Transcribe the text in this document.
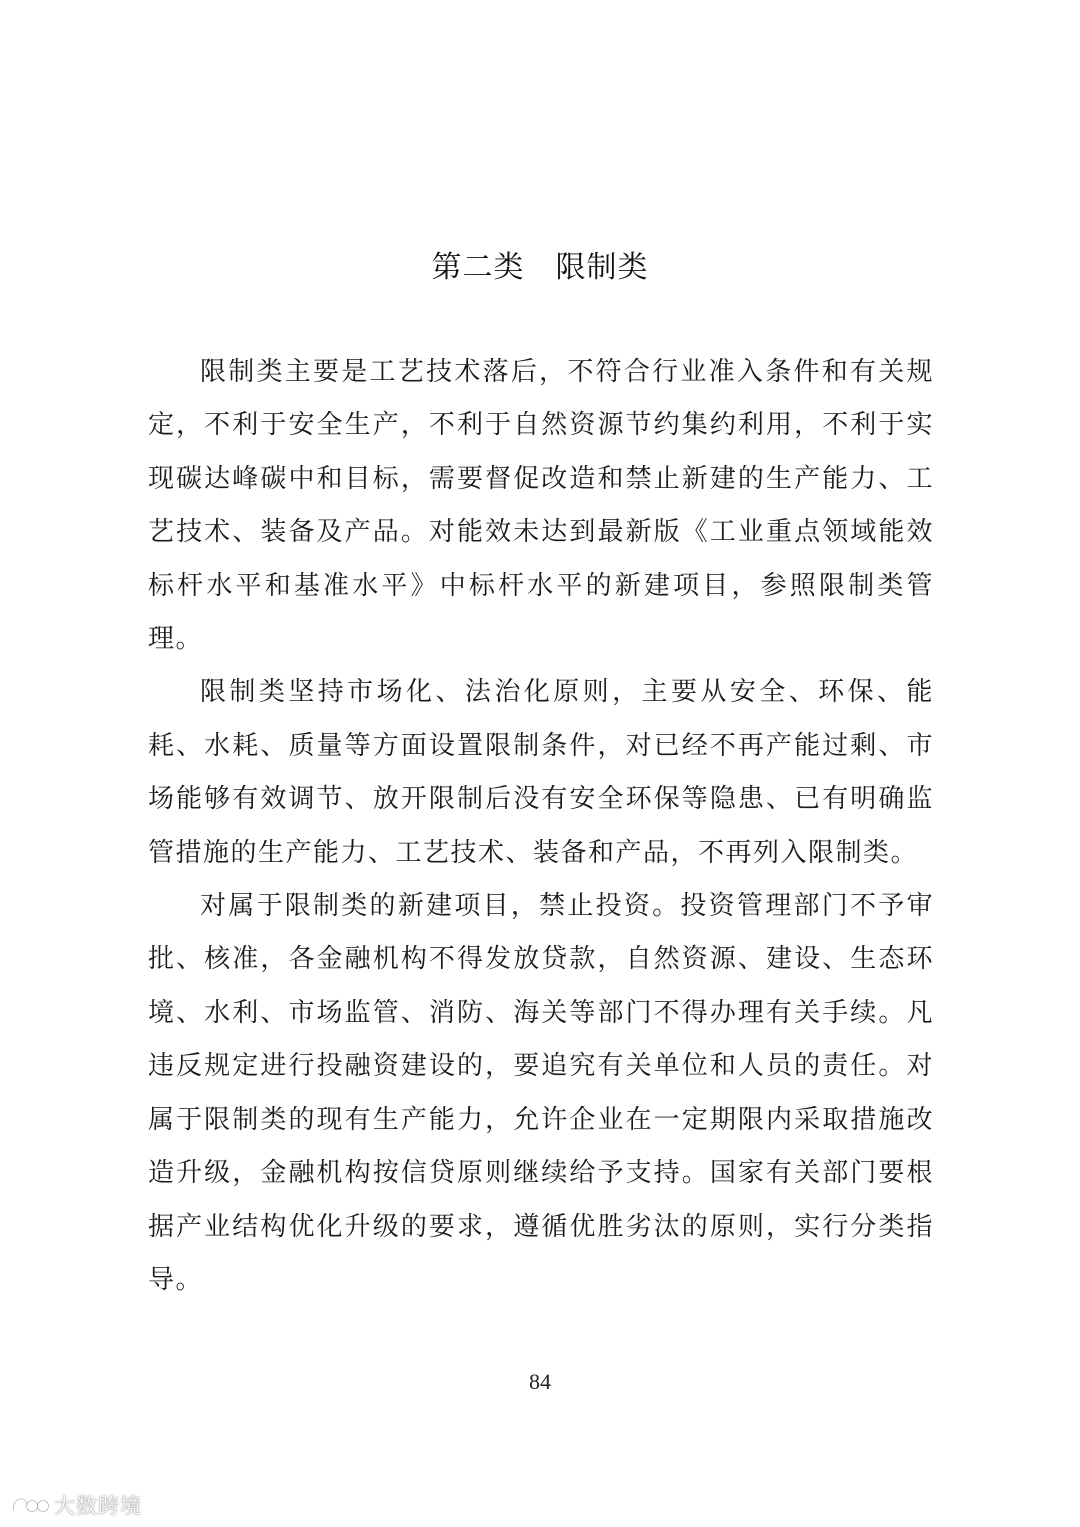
第二类　限制类

限制类主要是工艺技术落后，不符合行业准入条件和有关规定，不利于安全生产，不利于自然资源节约集约利用，不利于实现碳达峰碳中和目标，需要督促改造和禁止新建的生产能力、工艺技术、装备及产品。对能效未达到最新版《工业重点领域能效标杆水平和基准水平》中标杆水平的新建项目，参照限制类管理。

限制类坚持市场化、法治化原则，主要从安全、环保、能耗、水耗、质量等方面设置限制条件，对已经不再产能过剩、市场能够有效调节、放开限制后没有安全环保等隐患、已有明确监管措施的生产能力、工艺技术、装备和产品，不再列入限制类。

对属于限制类的新建项目，禁止投资。投资管理部门不予审批、核准，各金融机构不得发放贷款，自然资源、建设、生态环境、水利、市场监管、消防、海关等部门不得办理有关手续。凡违反规定进行投融资建设的，要追究有关单位和人员的责任。对属于限制类的现有生产能力，允许企业在一定期限内采取措施改造升级，金融机构按信贷原则继续给予支持。国家有关部门要根据产业结构优化升级的要求，遵循优胜劣汰的原则，实行分类指导。

84
大数跨境
